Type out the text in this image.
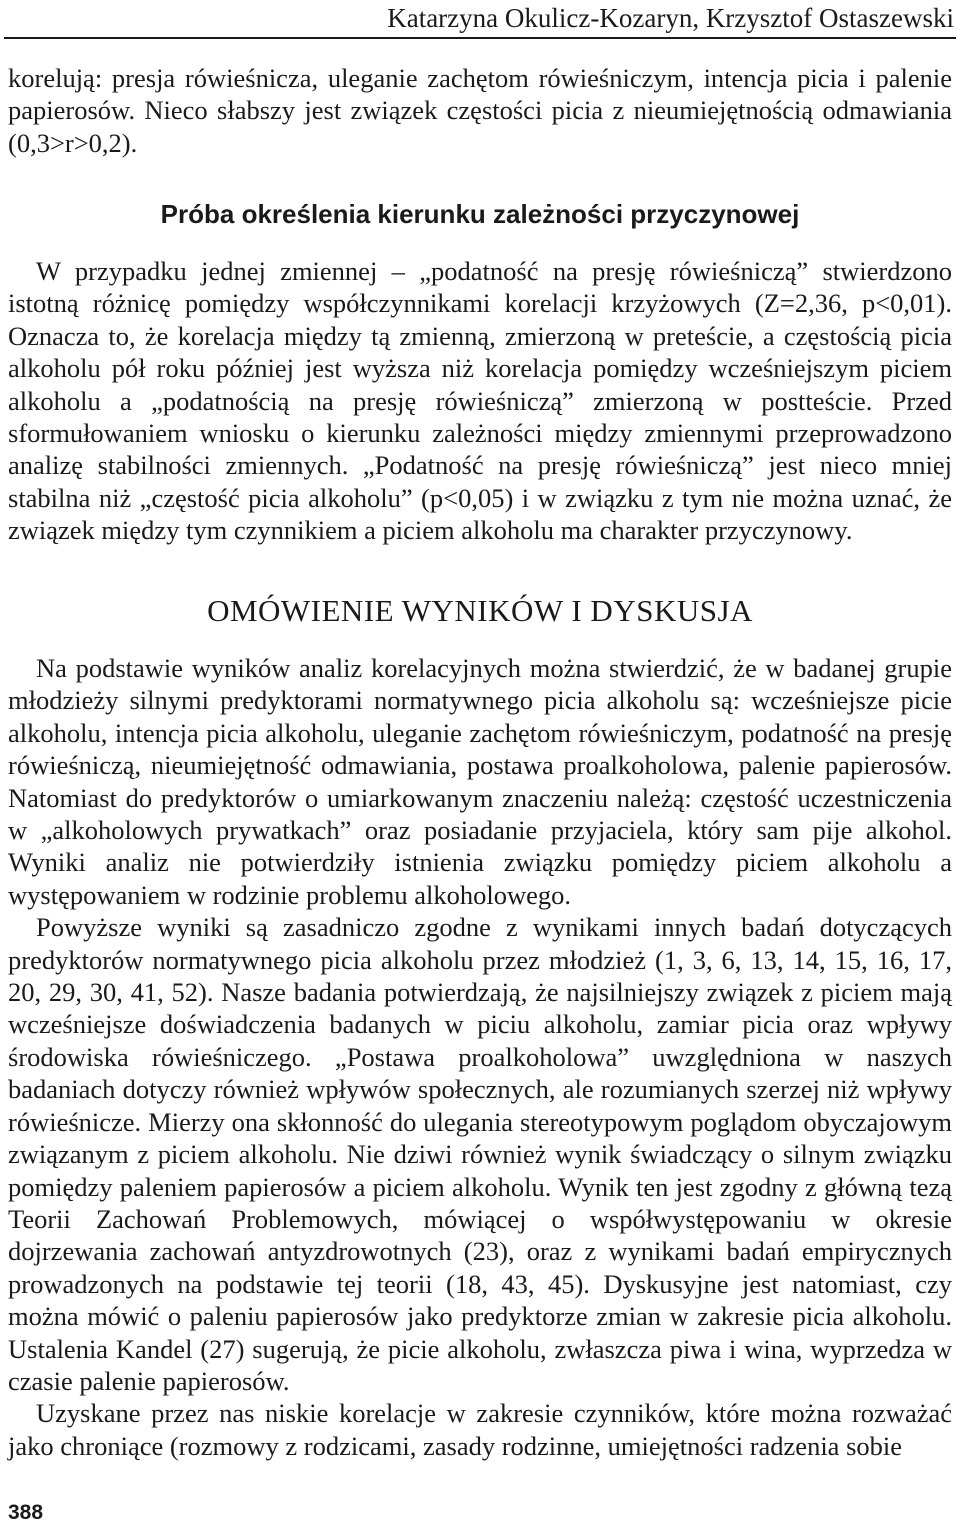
Katarzyna Okulicz-Kozaryn, Krzysztof Ostaszewski

korelują: presja rówieśnicza, uleganie zachętom rówieśniczym, intencja picia i palenie papierosów. Nieco słabszy jest związek częstości picia z nieumiejętnością odmawiania (0,3>r>0,2).

Próba określenia kierunku zależności przyczynowej

W przypadku jednej zmiennej – „podatność na presję rówieśniczą” stwierdzono istotną różnicę pomiędzy współczynnikami korelacji krzyżowych (Z=2,36, p<0,01). Oznacza to, że korelacja między tą zmienną, zmierzoną w preteście, a częstością picia alkoholu pół roku później jest wyższa niż korelacja pomiędzy wcześniejszym piciem alkoholu a „podatnością na presję rówieśniczą” zmierzoną w postteście. Przed sformułowaniem wniosku o kierunku zależności między zmiennymi przeprowadzono analizę stabilności zmiennych. „Podatność na presję rówieśniczą” jest nieco mniej stabilna niż „częstość picia alkoholu” (p<0,05) i w związku z tym nie można uznać, że związek między tym czynnikiem a piciem alkoholu ma charakter przyczynowy.

OMÓWIENIE WYNIKÓW I DYSKUSJA

Na podstawie wyników analiz korelacyjnych można stwierdzić, że w badanej grupie młodzieży silnymi predyktorami normatywnego picia alkoholu są: wcześniejsze picie alkoholu, intencja picia alkoholu, uleganie zachętom rówieśniczym, podatność na presję rówieśniczą, nieumiejętność odmawiania, postawa proalkoholowa, palenie papierosów. Natomiast do predyktorów o umiarkowanym znaczeniu należą: częstość uczestniczenia w „alkoholowych prywatkach” oraz posiadanie przyjaciela, który sam pije alkohol. Wyniki analiz nie potwierdziły istnienia związku pomiędzy piciem alkoholu a występowaniem w rodzinie problemu alkoholowego.

Powyższe wyniki są zasadniczo zgodne z wynikami innych badań dotyczących predyktorów normatywnego picia alkoholu przez młodzież (1, 3, 6, 13, 14, 15, 16, 17, 20, 29, 30, 41, 52). Nasze badania potwierdzają, że najsilniejszy związek z piciem mają wcześniejsze doświadczenia badanych w piciu alkoholu, zamiar picia oraz wpływy środowiska rówieśniczego. „Postawa proalkoholowa” uwzględniona w naszych badaniach dotyczy również wpływów społecznych, ale rozumianych szerzej niż wpływy rówieśnicze. Mierzy ona skłonność do ulegania stereotypowym poglądom obyczajowym związanym z piciem alkoholu. Nie dziwi również wynik świadczący o silnym związku pomiędzy paleniem papierosów a piciem alkoholu. Wynik ten jest zgodny z główną tezą Teorii Zachowań Problemowych, mówiącej o współwystępowaniu w okresie dojrzewania zachowań antyzdrowotnych (23), oraz z wynikami badań empirycznych prowadzonych na podstawie tej teorii (18, 43, 45). Dyskusyjne jest natomiast, czy można mówić o paleniu papierosów jako predyktorze zmian w zakresie picia alkoholu. Ustalenia Kandel (27) sugerują, że picie alkoholu, zwłaszcza piwa i wina, wyprzedza w czasie palenie papierosów.

Uzyskane przez nas niskie korelacje w zakresie czynników, które można rozważać jako chroniące (rozmowy z rodzicami, zasady rodzinne, umiejętności radzenia sobie

388
